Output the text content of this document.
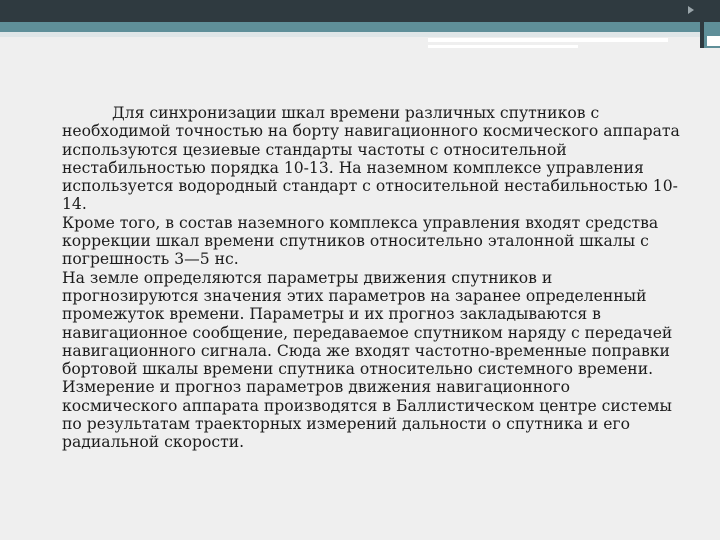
Для синхронизации шкал времени различных спутников с необходимой точностью на борту навигационного космического аппарата используются цезиевые стандарты частоты с относительной нестабильностью порядка 10-13. На наземном комплексе управления используется водородный стандарт с относительной нестабильностью 10-14.

Кроме того, в состав наземного комплекса управления входят средства коррекции шкал времени спутников относительно эталонной шкалы с погрешность 3—5 нс.

На земле определяются параметры движения спутников и прогнозируются значения этих параметров на заранее определенный промежуток времени. Параметры и их прогноз закладываются в навигационное сообщение, передаваемое спутником наряду с передачей навигационного сигнала. Сюда же входят частотно-временные поправки бортовой шкалы времени спутника относительно системного времени. Измерение и прогноз параметров движения навигационного космического аппарата производятся в Баллистическом центре системы по результатам траекторных измерений дальности о спутника и его радиальной скорости.
